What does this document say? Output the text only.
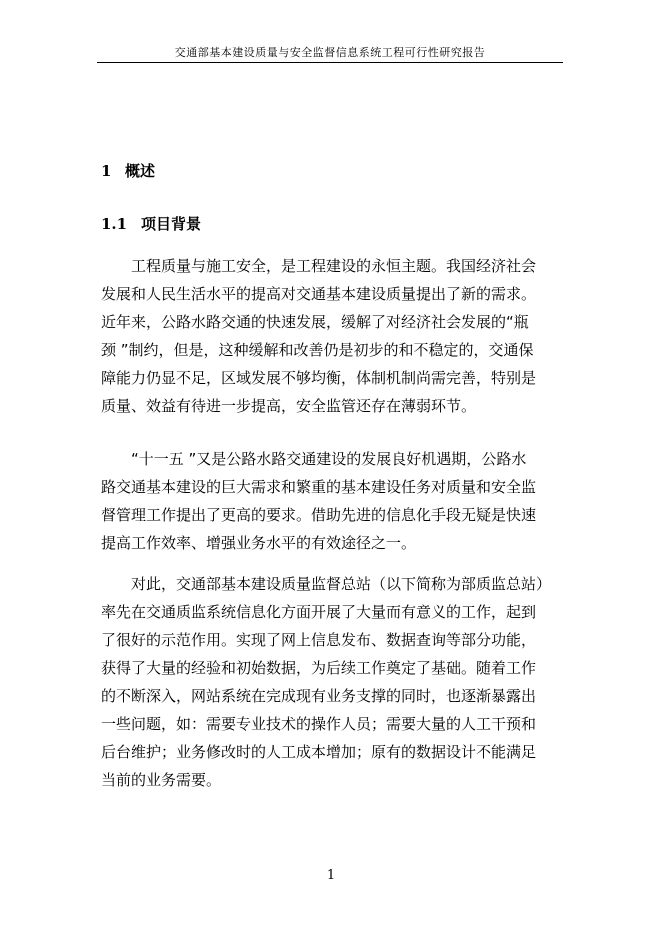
交通部基本建设质量与安全监督信息系统工程可行性研究报告
1 概述
1.1 项目背景

　　工程质量与施工安全，是工程建设的永恒主题。我国经济社会

发展和人民生活水平的提高对交通基本建设质量提出了新的需求。

近年来，公路水路交通的快速发展，缓解了对经济社会发展的“瓶

颈 ”制约，但是，这种缓解和改善仍是初步的和不稳定的，交通保

障能力仍显不足，区域发展不够均衡，体制机制尚需完善，特别是

质量、效益有待进一步提高，安全监管还存在薄弱环节。

　　“十一五 ”又是公路水路交通建设的发展良好机遇期，公路水

路交通基本建设的巨大需求和繁重的基本建设任务对质量和安全监

督管理工作提出了更高的要求。借助先进的信息化手段无疑是快速

提高工作效率、增强业务水平的有效途径之一。

　　对此，交通部基本建设质量监督总站（以下简称为部质监总站）

率先在交通质监系统信息化方面开展了大量而有意义的工作，起到

了很好的示范作用。实现了网上信息发布、数据查询等部分功能，

获得了大量的经验和初始数据，为后续工作奠定了基础。随着工作

的不断深入，网站系统在完成现有业务支撑的同时，也逐渐暴露出

一些问题，如：需要专业技术的操作人员；需要大量的人工干预和

后台维护；业务修改时的人工成本增加；原有的数据设计不能满足

当前的业务需要。

1
